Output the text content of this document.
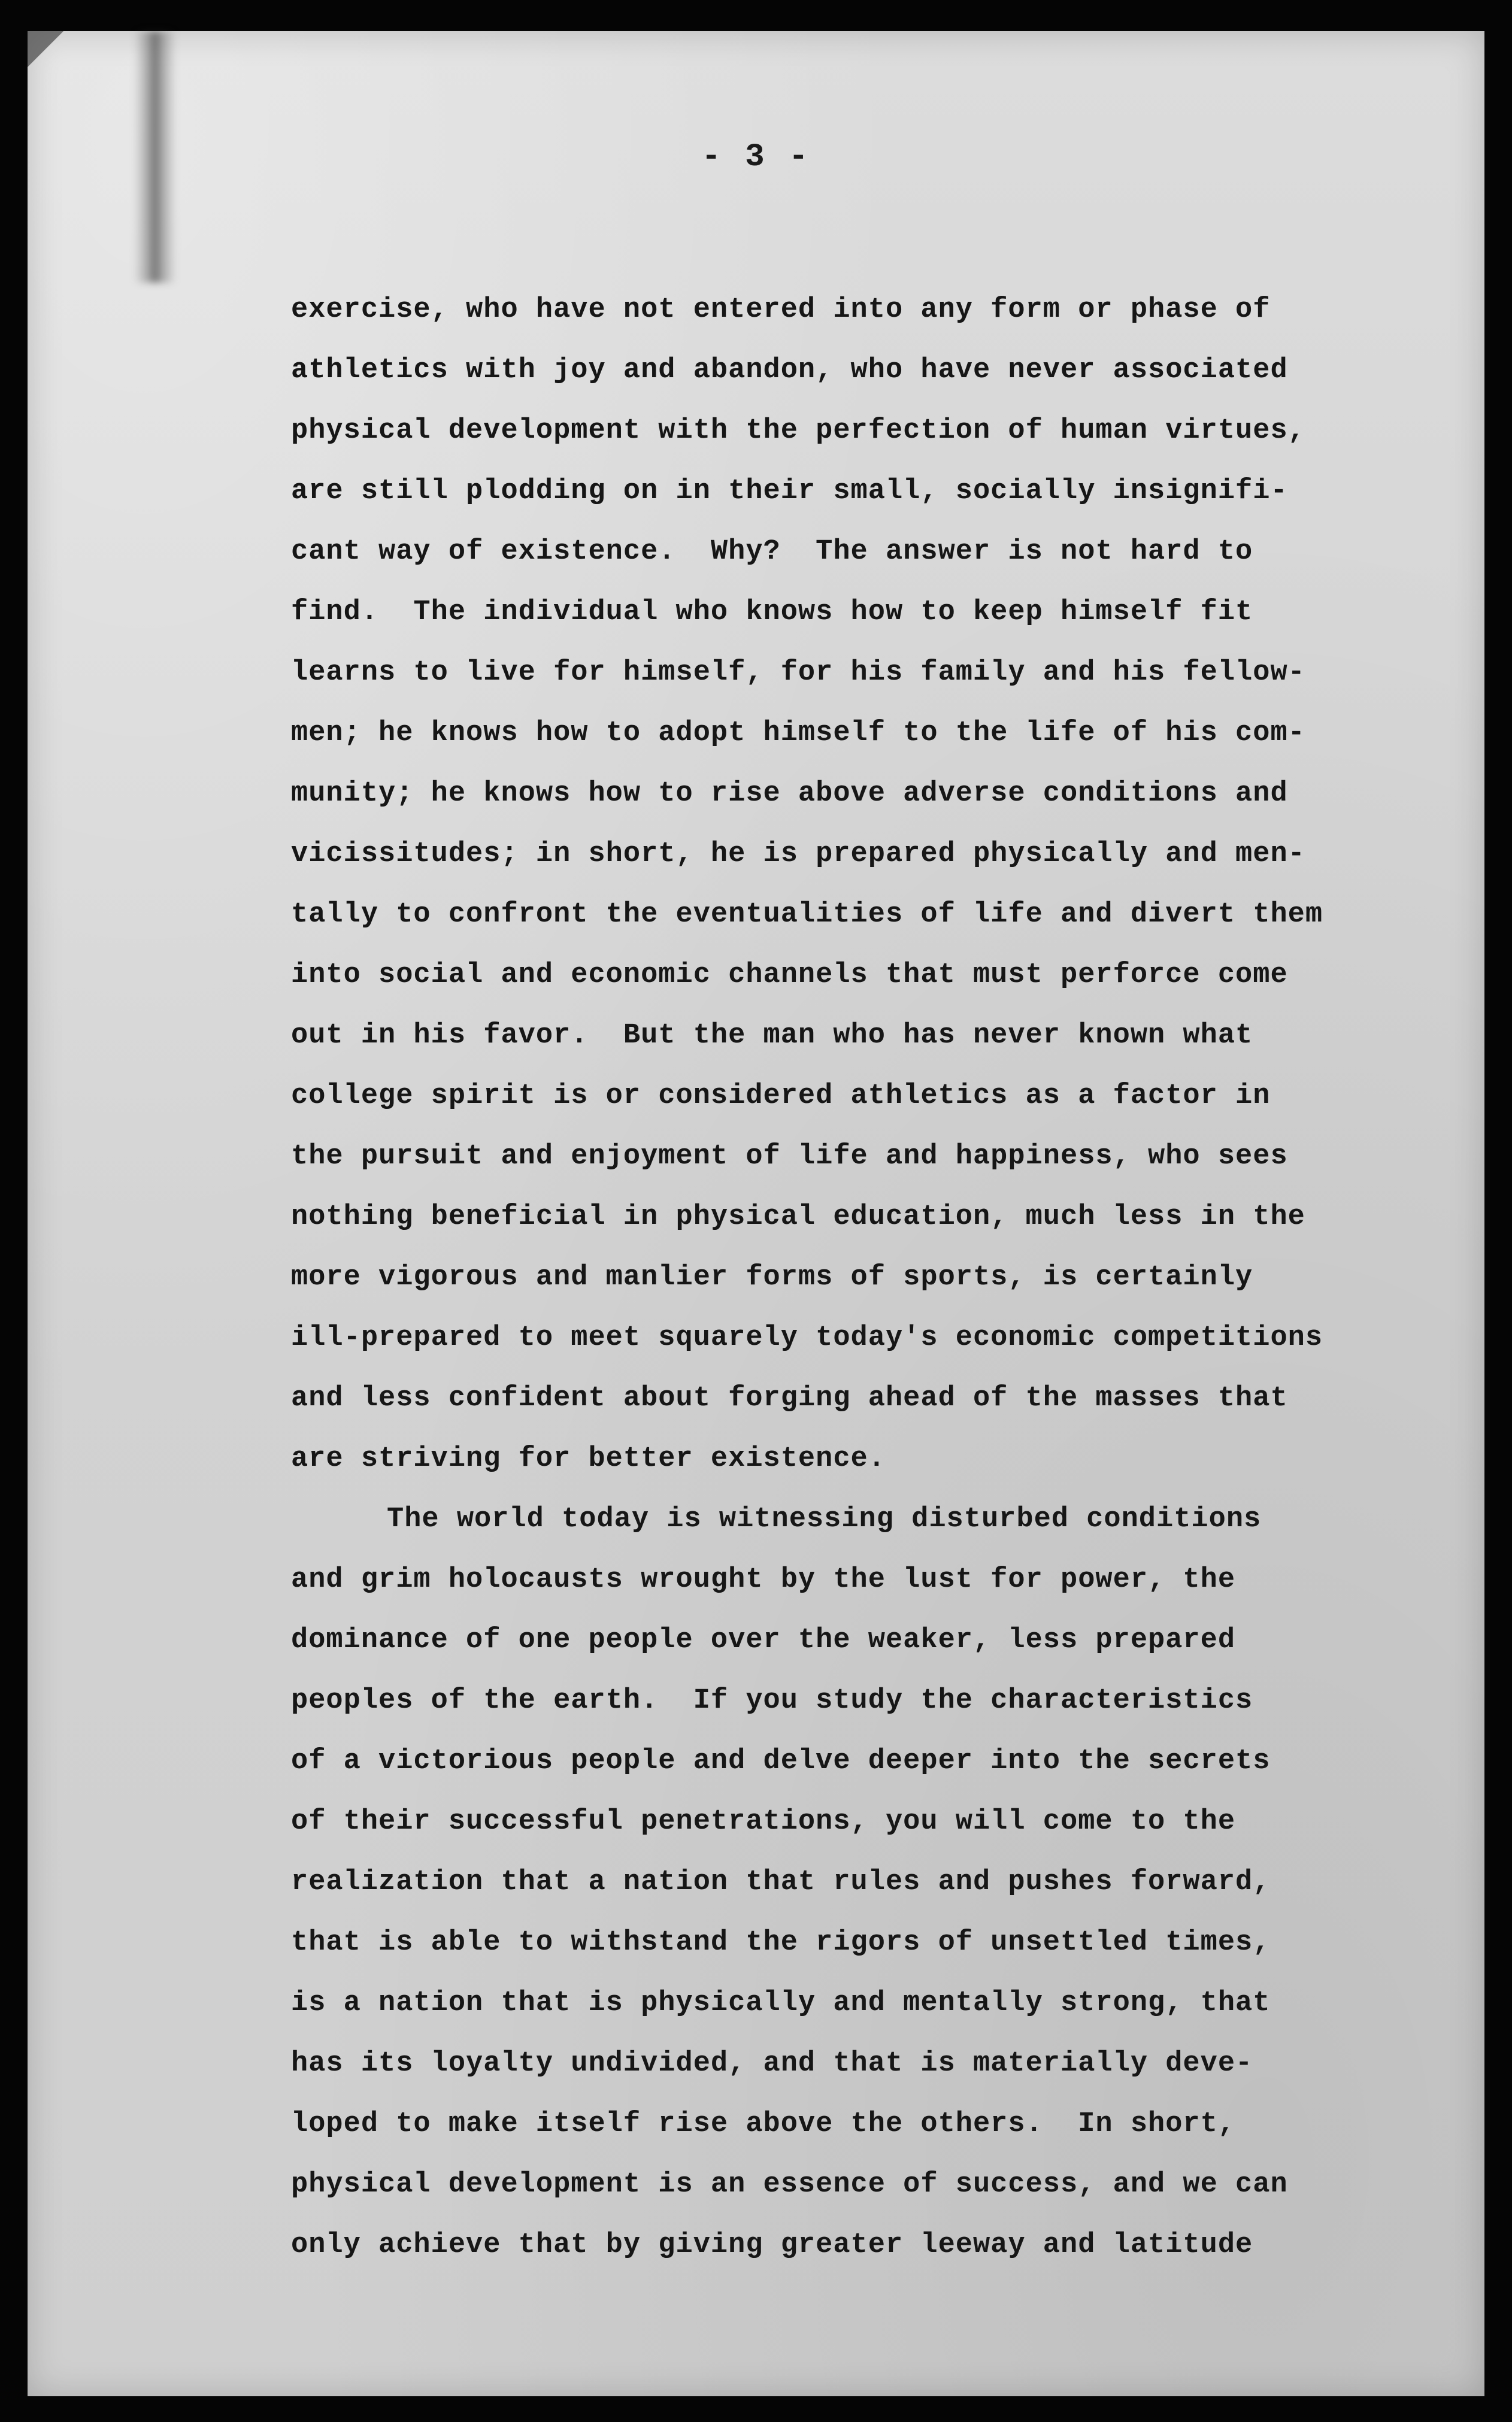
- 3 -
exercise, who have not entered into any form or phase of
athletics with joy and abandon, who have never associated
physical development with the perfection of human virtues,
are still plodding on in their small, socially insignifi-
cant way of existence.  Why?  The answer is not hard to
find.  The individual who knows how to keep himself fit
learns to live for himself, for his family and his fellow-
men; he knows how to adopt himself to the life of his com-
munity; he knows how to rise above adverse conditions and
vicissitudes; in short, he is prepared physically and men-
tally to confront the eventualities of life and divert them
into social and economic channels that must perforce come
out in his favor.  But the man who has never known what
college spirit is or considered athletics as a factor in
the pursuit and enjoyment of life and happiness, who sees
nothing beneficial in physical education, much less in the
more vigorous and manlier forms of sports, is certainly
ill-prepared to meet squarely today's economic competitions
and less confident about forging ahead of the masses that
are striving for better existence.
The world today is witnessing disturbed conditions
and grim holocausts wrought by the lust for power, the
dominance of one people over the weaker, less prepared
peoples of the earth.  If you study the characteristics
of a victorious people and delve deeper into the secrets
of their successful penetrations, you will come to the
realization that a nation that rules and pushes forward,
that is able to withstand the rigors of unsettled times,
is a nation that is physically and mentally strong, that
has its loyalty undivided, and that is materially deve-
loped to make itself rise above the others.  In short,
physical development is an essence of success, and we can
only achieve that by giving greater leeway and latitude
